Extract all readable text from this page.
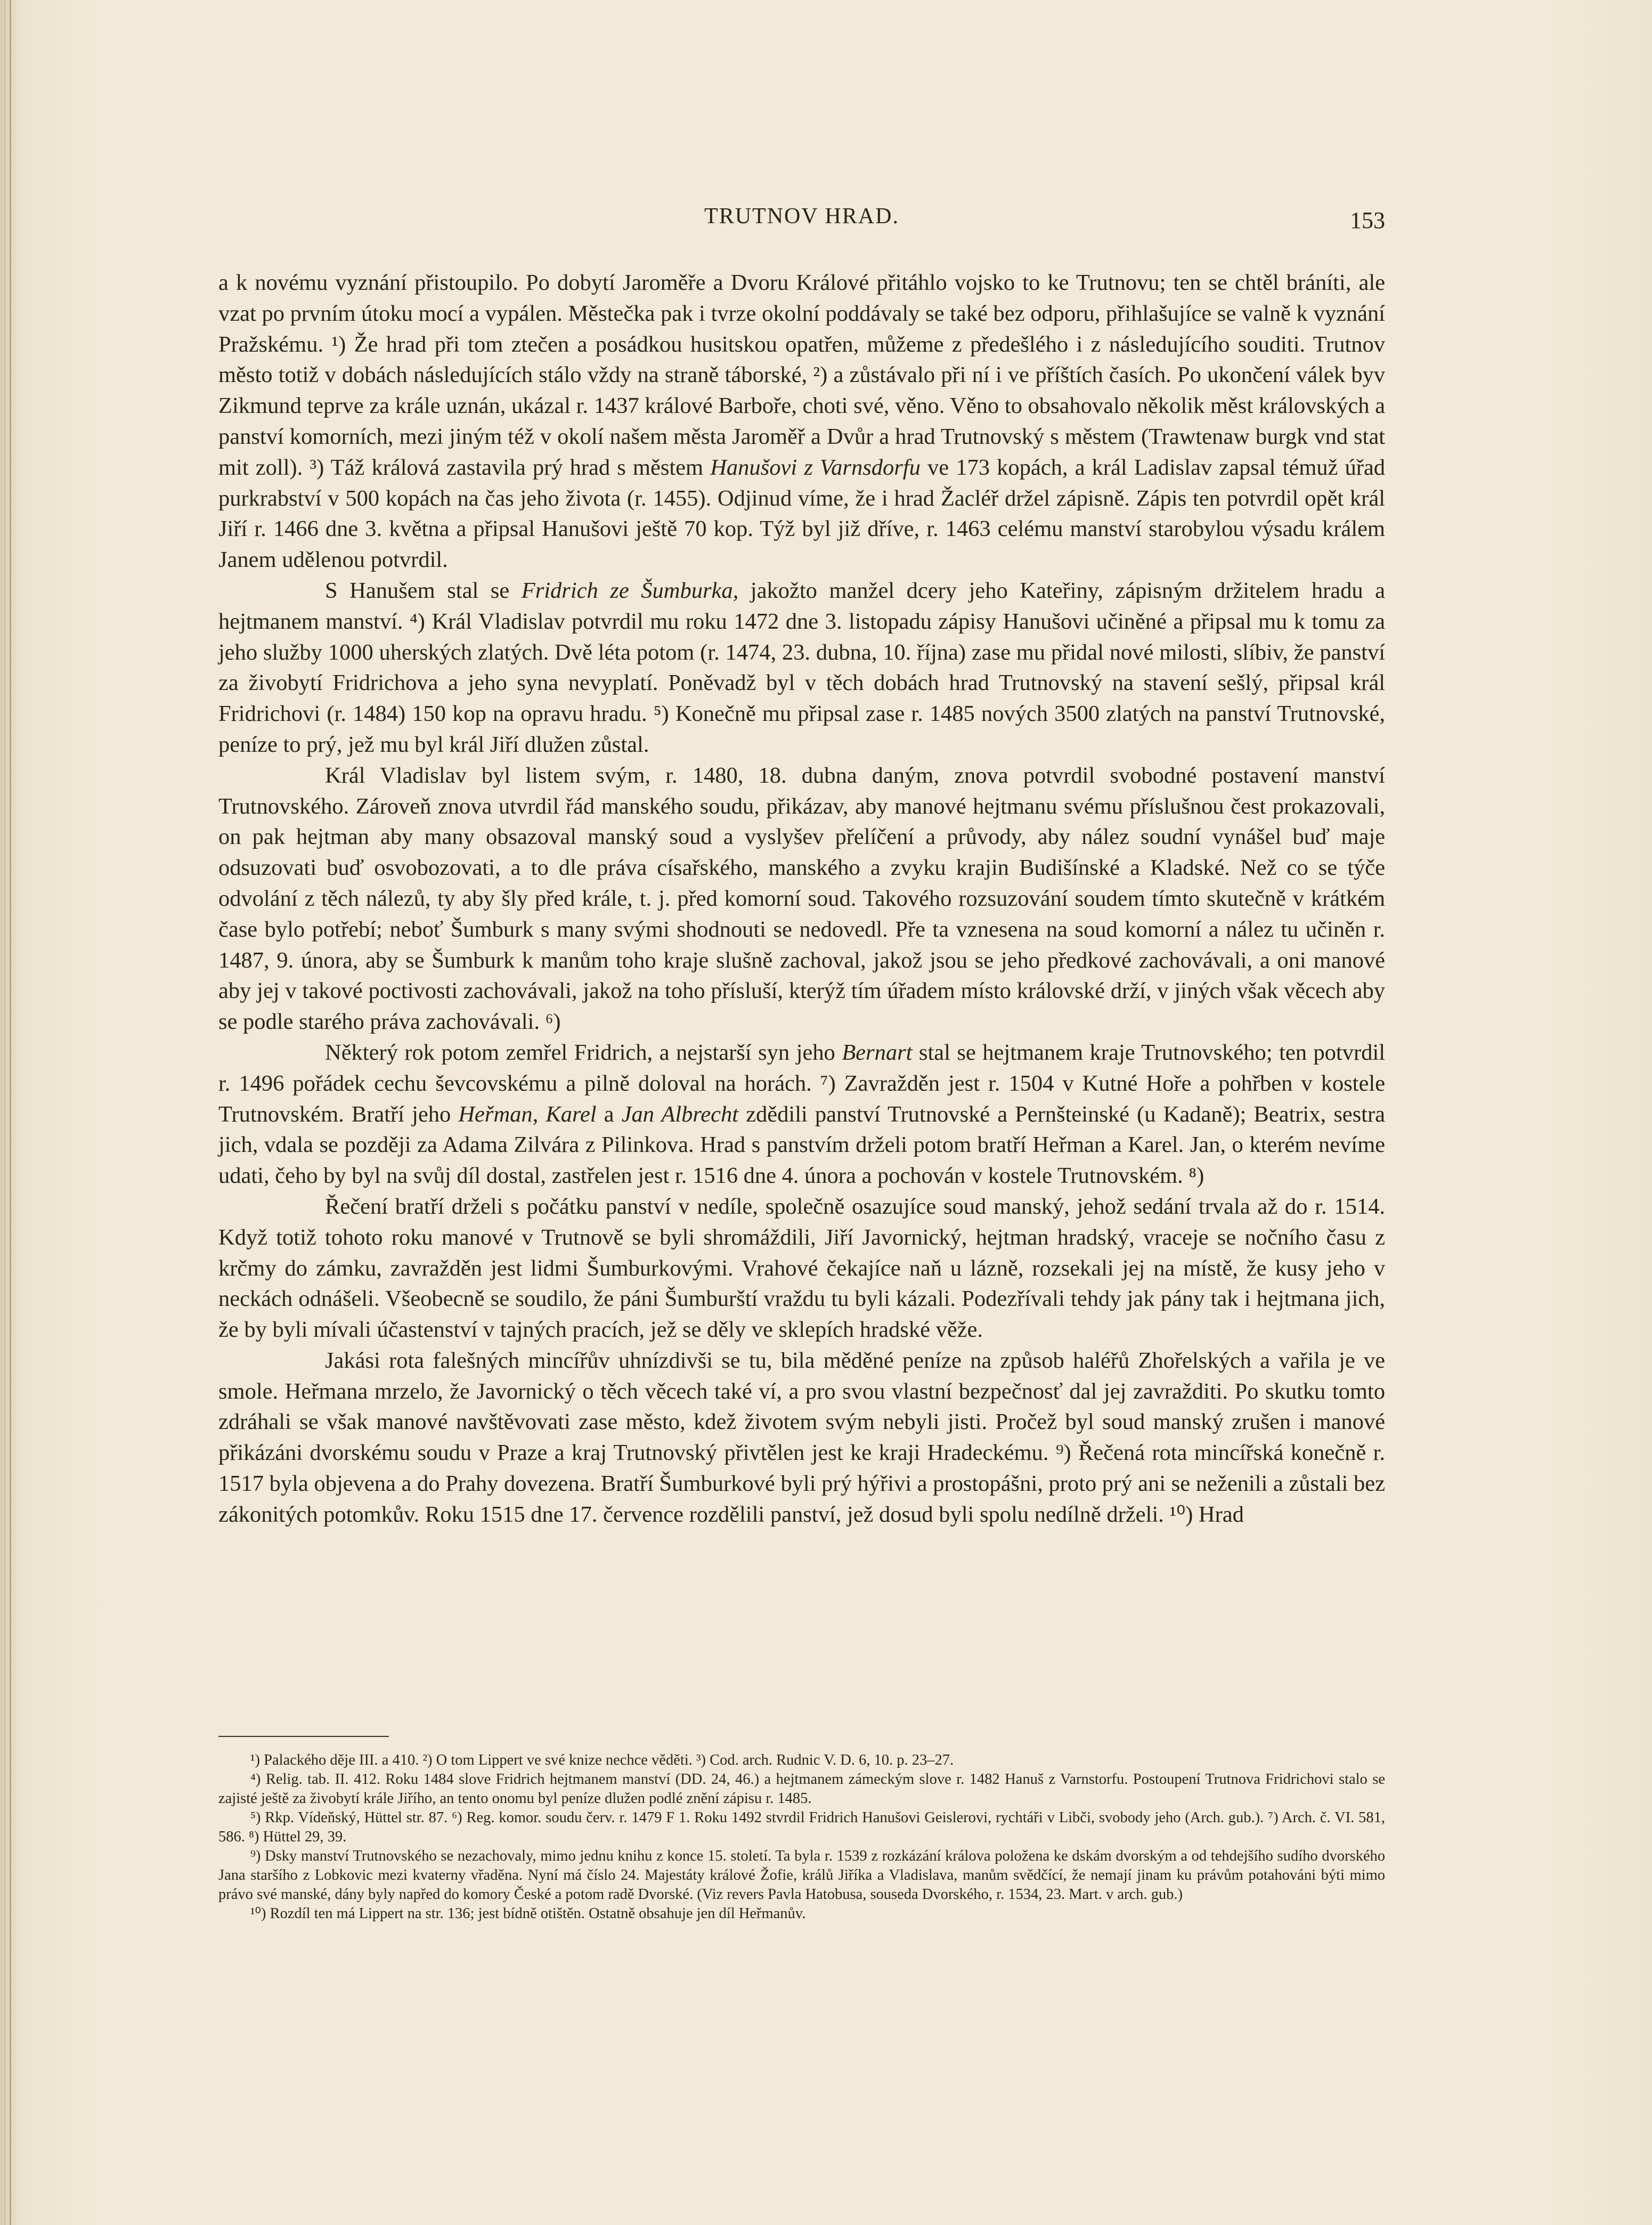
TRUTNOV HRAD.	153

a k novému vyznání přistoupilo. Po dobytí Jaroměře a Dvoru Králové přitáhlo vojsko to ke Trutnovu; ten se chtěl bráníti, ale vzat po prvním útoku mocí a vypálen. Městečka pak i tvrze okolní poddávaly se také bez odporu, přihlašujíce se valně k vyznání Pražskému. ¹) Že hrad při tom ztečen a posádkou husitskou opatřen, můžeme z předešlého i z následujícího souditi. Trutnov město totiž v dobách následujících stálo vždy na straně táborské, ²) a zůstávalo při ní i ve příštích časích. Po ukončení válek byv Zikmund teprve za krále uznán, ukázal r. 1437 králové Barboře, choti své, věno. Věno to obsahovalo několik měst královských a panství komorních, mezi jiným též v okolí našem města Jaroměř a Dvůr a hrad Trutnovský s městem (Trawtenaw burgk vnd stat mit zoll). ³) Táž králová zastavila prý hrad s městem Hanušovi z Varnsdorfu ve 173 kopách, a král Ladislav zapsal témuž úřad purkrabství v 500 kopách na čas jeho života (r. 1455). Odjinud víme, že i hrad Žacléř držel zápisně. Zápis ten potvrdil opět král Jiří r. 1466 dne 3. května a připsal Hanušovi ještě 70 kop. Týž byl již dříve, r. 1463 celému manství starobylou výsadu králem Janem udělenou potvrdil.

S Hanušem stal se Fridrich ze Šumburka, jakožto manžel dcery jeho Kateřiny, zápisným držitelem hradu a hejtmanem manství. ⁴) Král Vladislav potvrdil mu roku 1472 dne 3. listopadu zápisy Hanušovi učiněné a připsal mu k tomu za jeho služby 1000 uherských zlatých. Dvě léta potom (r. 1474, 23. dubna, 10. října) zase mu přidal nové milosti, slíbiv, že panství za živobytí Fridrichova a jeho syna nevyplatí. Poněvadž byl v těch dobách hrad Trutnovský na stavení sešlý, připsal král Fridrichovi (r. 1484) 150 kop na opravu hradu. ⁵) Konečně mu připsal zase r. 1485 nových 3500 zlatých na panství Trutnovské, peníze to prý, jež mu byl král Jiří dlužen zůstal.

Král Vladislav byl listem svým, r. 1480, 18. dubna daným, znova potvrdil svobodné postavení manství Trutnovského. Zároveň znova utvrdil řád manského soudu, přikázav, aby manové hejtmanu svému příslušnou čest prokazovali, on pak hejtman aby many obsazoval manský soud a vyslyšev přelíčení a průvody, aby nález soudní vynášel buď maje odsuzovati buď osvobozovati, a to dle práva císařského, manského a zvyku krajin Budišínské a Kladské. Než co se týče odvolání z těch nálezů, ty aby šly před krále, t. j. před komorní soud. Takového rozsuzování soudem tímto skutečně v krátkém čase bylo potřebí; neboť Šumburk s many svými shodnouti se nedovedl. Pře ta vznesena na soud komorní a nález tu učiněn r. 1487, 9. února, aby se Šumburk k manům toho kraje slušně zachoval, jakož jsou se jeho předkové zachovávali, a oni manové aby jej v takové poctivosti zachovávali, jakož na toho přísluší, kterýž tím úřadem místo královské drží, v jiných však věcech aby se podle starého práva zachovávali. ⁶)

Některý rok potom zemřel Fridrich, a nejstarší syn jeho Bernart stal se hejtmanem kraje Trutnovského; ten potvrdil r. 1496 pořádek cechu ševcovskému a pilně doloval na horách. ⁷) Zavražděn jest r. 1504 v Kutné Hoře a pohřben v kostele Trutnovském. Bratří jeho Heřman, Karel a Jan Albrecht zdědili panství Trutnovské a Pernšteinské (u Kadaně); Beatrix, sestra jich, vdala se později za Adama Zilvára z Pilinkova. Hrad s panstvím drželi potom bratří Heřman a Karel. Jan, o kterém nevíme udati, čeho by byl na svůj díl dostal, zastřelen jest r. 1516 dne 4. února a pochován v kostele Trutnovském. ⁸)

Řečení bratří drželi s počátku panství v nedíle, společně osazujíce soud manský, jehož sedání trvala až do r. 1514. Když totiž tohoto roku manové v Trutnově se byli shromáždili, Jiří Javornický, hejtman hradský, vraceje se nočního času z krčmy do zámku, zavražděn jest lidmi Šumburkovými. Vrahové čekajíce naň u lázně, rozsekali jej na místě, že kusy jeho v neckách odnášeli. Všeobecně se soudilo, že páni Šumburští vraždu tu byli kázali. Podezřívali tehdy jak pány tak i hejtmana jich, že by byli mívali účastenství v tajných pracích, jež se děly ve sklepích hradské věže.

Jakási rota falešných mincířův uhnízdivši se tu, bila měděné peníze na způsob haléřů Zhořelských a vařila je ve smole. Heřmana mrzelo, že Javornický o těch věcech také ví, a pro svou vlastní bezpečnosť dal jej zavražditi. Po skutku tomto zdráhali se však manové navštěvovati zase město, kdež životem svým nebyli jisti. Pročež byl soud manský zrušen i manové přikázáni dvorskému soudu v Praze a kraj Trutnovský přivtělen jest ke kraji Hradeckému. ⁹) Řečená rota mincířská konečně r. 1517 byla objevena a do Prahy dovezena. Bratří Šumburkové byli prý hýřivi a prostopášni, proto prý ani se neženili a zůstali bez zákonitých potomkův. Roku 1515 dne 17. července rozdělili panství, jež dosud byli spolu nedílně drželi. ¹⁰) Hrad

¹) Palackého děje III. a 410. ²) O tom Lippert ve své knize nechce věděti. ³) Cod. arch. Rudnic V. D. 6, 10. p. 23–27.

⁴) Relig. tab. II. 412. Roku 1484 slove Fridrich hejtmanem manství (DD. 24, 46.) a hejtmanem zámeckým slove r. 1482 Hanuš z Varnstorfu. Postoupení Trutnova Fridrichovi stalo se zajisté ještě za živobytí krále Jiřího, an tento onomu byl peníze dlužen podlé znění zápisu r. 1485.

⁵) Rkp. Vídeňský, Hüttel str. 87. ⁶) Reg. komor. soudu červ. r. 1479 F 1. Roku 1492 stvrdil Fridrich Hanušovi Geislerovi, rychtáři v Libči, svobody jeho (Arch. gub.). ⁷) Arch. č. VI. 581, 586. ⁸) Hüttel 29, 39.

⁹) Dsky manství Trutnovského se nezachovaly, mimo jednu knihu z konce 15. století. Ta byla r. 1539 z rozkázání králova položena ke dskám dvorským a od tehdejšího sudího dvorského Jana staršího z Lobkovic mezi kvaterny vřaděna. Nyní má číslo 24. Majestáty králové Žofie, králů Jiříka a Vladislava, manům svědčící, že nemají jinam ku právům potahováni býti mimo právo své manské, dány byly napřed do komory České a potom radě Dvorské. (Viz revers Pavla Hatobusa, souseda Dvorského, r. 1534, 23. Mart. v arch. gub.)

¹⁰) Rozdíl ten má Lippert na str. 136; jest bídně otištěn. Ostatně obsahuje jen díl Heřmanův.
